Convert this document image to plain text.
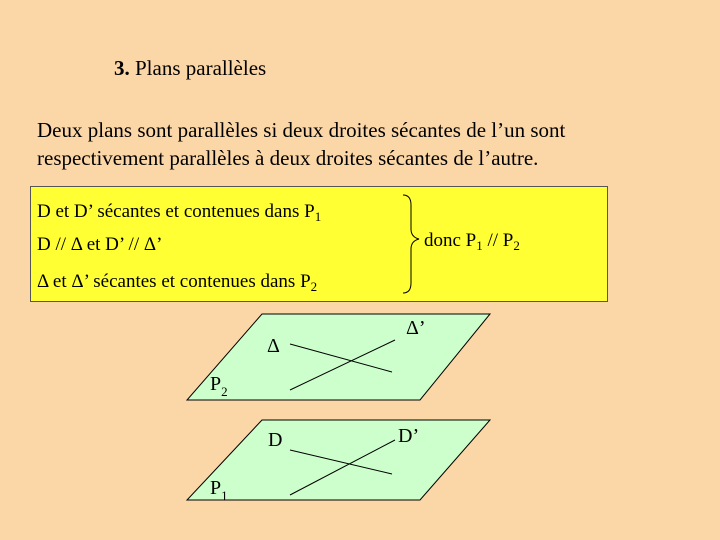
3. Plans parallèles
Deux plans sont parallèles si deux droites sécantes de l’un sont respectivement parallèles à deux droites sécantes de l’autre.
D et D’ sécantes et contenues dans $P_1$
D // Δ et D’ // Δ’
Δ et Δ’ sécantes et contenues dans $P_2$
donc $P_1 // P_2$
Δ
Δ’
$P_2$
D	D’
$P_1$
